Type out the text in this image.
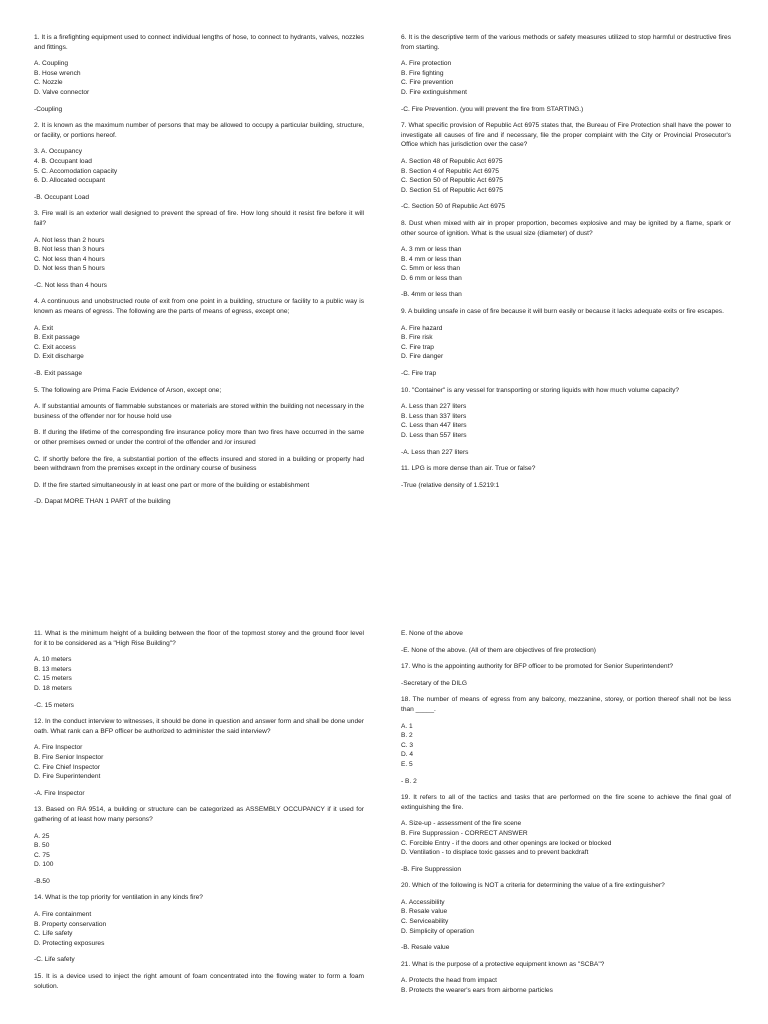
1. It is a firefighting equipment used to connect individual lengths of hose, to connect to hydrants, valves, nozzles and fittings.
A. Coupling
B. Hose wrench
C. Nozzle
D. Valve connector
-Coupling
2. It is known as the maximum number of persons that may be allowed to occupy a particular building, structure, or facility, or portions hereof.
3. A. Occupancy
4. B. Occupant load
5. C. Accomodation capacity
6. D. Allocated occupant
-B. Occupant Load
3. Fire wall is an exterior wall designed to prevent the spread of fire. How long should it resist fire before it will fail?
A. Not less than 2 hours
B. Not less than 3 hours
C. Not less than 4 hours
D. Not less than 5 hours
-C. Not less than 4 hours
4. A continuous and unobstructed route of exit from one point in a building, structure or facility to a public way is known as means of egress. The following are the parts of means of egress, except one;
A. Exit
B. Exit passage
C. Exit access
D. Exit discharge
-B. Exit passage
5. The following are Prima Facie Evidence of Arson, except one;
A. If substantial amounts of flammable substances or materials are stored within the building not necessary in the business of the offender nor for house hold use
B. If during the lifetime of the corresponding fire insurance policy more than two fires have occurred in the same or other premises owned or under the control of the offender and /or insured
C. If shortly before the fire, a substantial portion of the effects insured and stored in a building or property had been withdrawn from the premises except in the ordinary course of business
D. If the fire started simultaneously in at least one part or more of the building or establishment
-D. Dapat MORE THAN 1 PART of the building
6. It is the descriptive term of the various methods or safety measures utilized to stop harmful or destructive fires from starting.
A. Fire protection
B. Fire fighting
C. Fire prevention
D. Fire extinguishment
-C. Fire Prevention. (you will prevent the fire from STARTING.)
7. What specific provision of Republic Act 6975 states that, the Bureau of Fire Protection shall have the power to investigate all causes of fire and if necessary, file the proper complaint with the City or Provincial Prosecutor's Office which has jurisdiction over the case?
A. Section 48 of Republic Act 6975
B. Section 4 of Republic Act 6975
C. Section 50 of Republic Act 6975
D. Section 51 of Republic Act 6975
-C. Section 50 of Republic Act 6975
8. Dust when mixed with air in proper proportion, becomes explosive and may be ignited by a flame, spark or other source of ignition. What is the usual size (diameter) of dust?
A. 3 mm or less than
B. 4 mm or less than
C. 5mm or less than
D. 6 mm or less than
-B. 4mm or less than
9. A building unsafe in case of fire because it will burn easily or because it lacks adequate exits or fire escapes.
A. Fire hazard
B. Fire risk
C. Fire trap
D. Fire danger
-C. Fire trap
10. "Container" is any vessel for transporting or storing liquids with how much volume capacity?
A. Less than 227 liters
B. Less than 337 liters
C. Less than 447 liters
D. Less than 557 liters
-A. Less than 227 liters
11. LPG is more dense than air. True or false?
-True (relative density of 1.5219:1
11. What is the minimum height of a building between the floor of the topmost storey and the ground floor level for it to be considered as a "High Rise Building"?
A. 10 meters
B. 13 meters
C. 15 meters
D. 18 meters
-C. 15 meters
12. In the conduct interview to witnesses, it should be done in question and answer form and shall be done under oath. What rank can a BFP officer be authorized to administer the said interview?
A. Fire Inspector
B. Fire Senior Inspector
C. Fire Chief Inspector
D. Fire Superintendent
-A. Fire Inspector
13. Based on RA 9514, a building or structure can be categorized as ASSEMBLY OCCUPANCY if it used for gathering of at least how many persons?
A. 25
B. 50
C. 75
D. 100
-B.50
14. What is the top priority for ventilation in any kinds fire?
A. Fire containment
B. Property conservation
C. Life safety
D. Protecting exposures
-C. Life safety
15. It is a device used to inject the right amount of foam concentrated into the flowing water to form a foam solution.
E. None of the above
-E. None of the above. (All of them are objectives of fire protection)
17. Who is the appointing authority for BFP officer to be promoted for Senior Superintendent?
-Secretary of the DILG
18. The number of means of egress from any balcony, mezzanine, storey, or portion thereof shall not be less than _____.
A. 1
B. 2
C. 3
D. 4
E. 5
- B. 2
19. It refers to all of the tactics and tasks that are performed on the fire scene to achieve the final goal of extinguishing the fire.
A. Size-up - assessment of the fire scene
B. Fire Suppression - CORRECT ANSWER
C. Forcible Entry - if the doors and other openings are locked or blocked
D. Ventilation - to displace toxic gasses and to prevent backdraft
-B. Fire Suppression
20. Which of the following is NOT a criteria for determining the value of a fire extinguisher?
A. Accessibility
B. Resale value
C. Serviceability
D. Simplicity of operation
-B. Resale value
21. What is the purpose of a protective equipment known as "SCBA"?
A. Protects the head from impact
B. Protects the wearer's ears from airborne particles
